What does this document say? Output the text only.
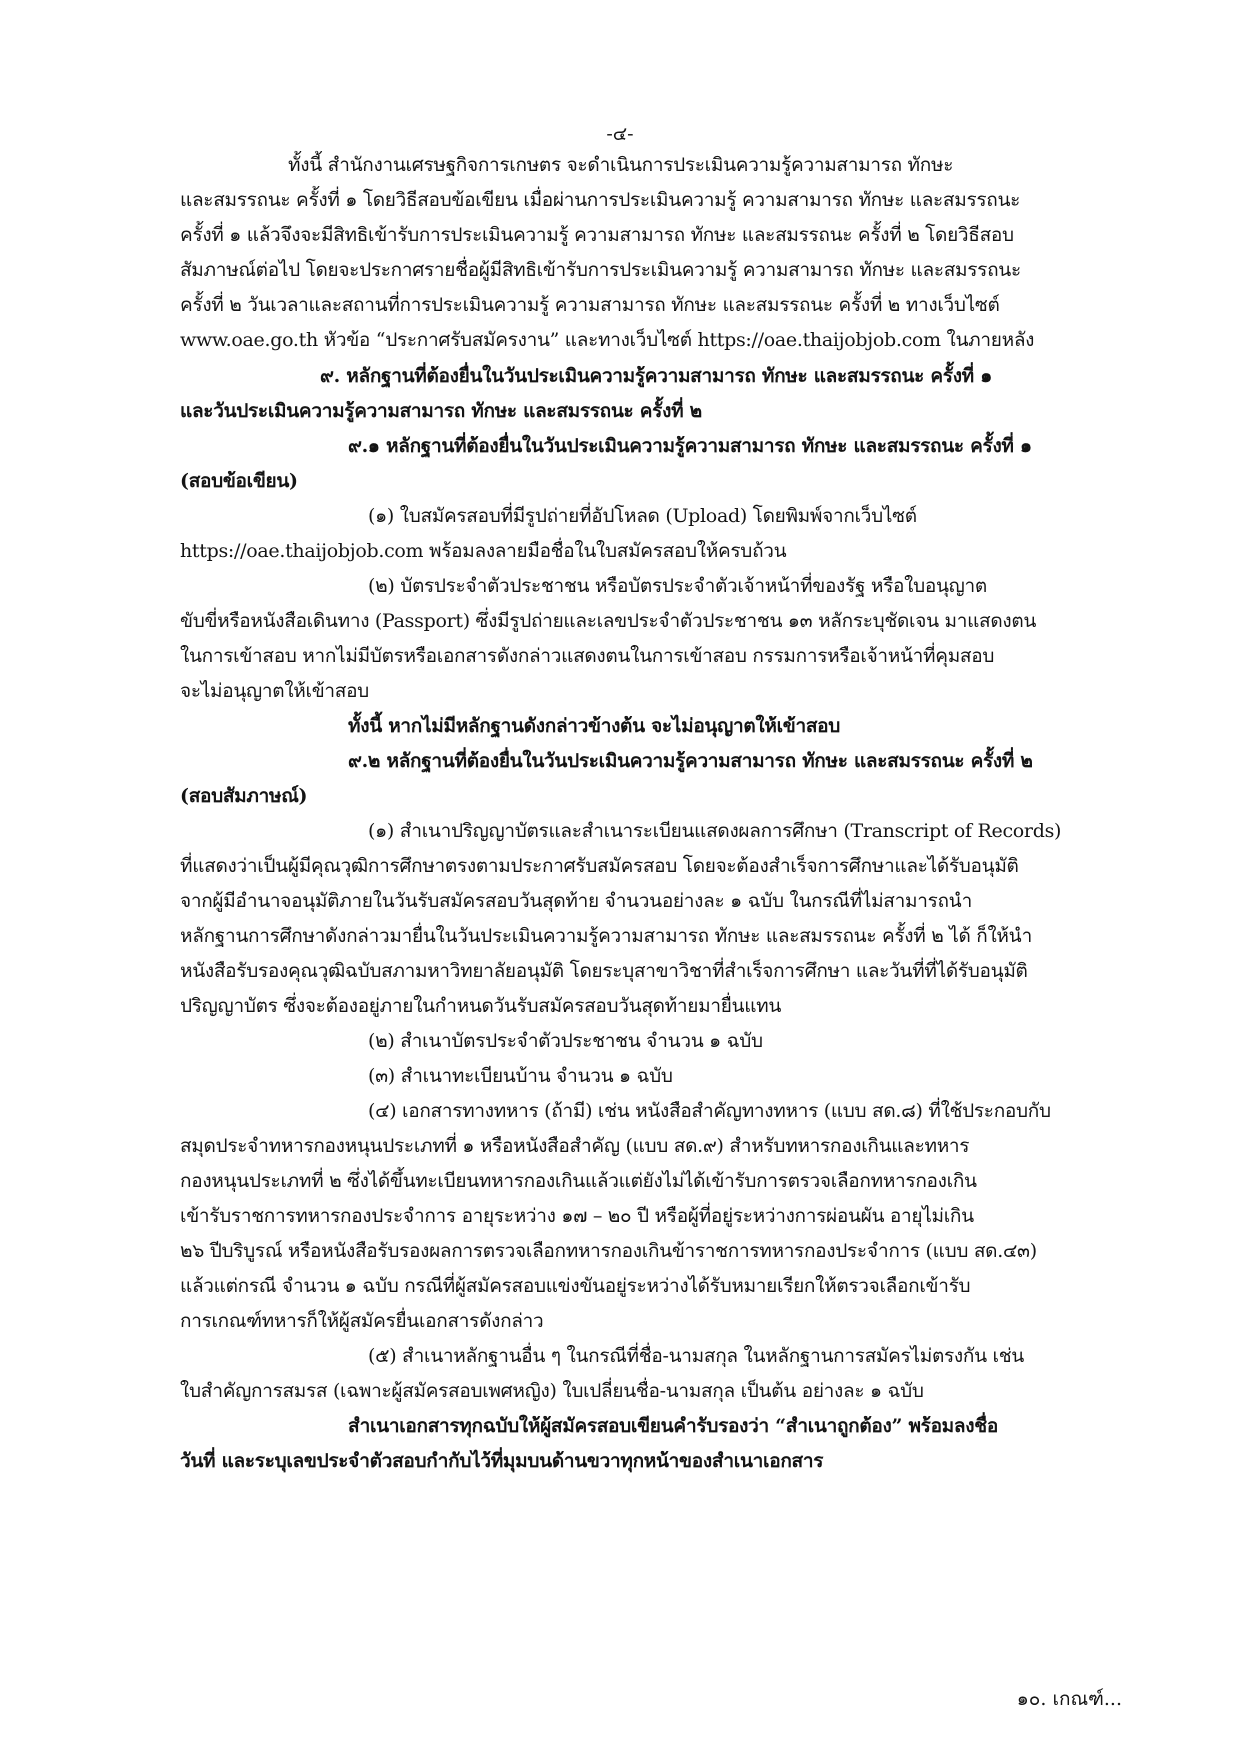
-๔-
ทั้งนี้ สำนักงานเศรษฐกิจการเกษตร จะดำเนินการประเมินความรู้ความสามารถ ทักษะ
และสมรรถนะ ครั้งที่ ๑ โดยวิธีสอบข้อเขียน เมื่อผ่านการประเมินความรู้ ความสามารถ ทักษะ และสมรรถนะ
ครั้งที่ ๑ แล้วจึงจะมีสิทธิเข้ารับการประเมินความรู้ ความสามารถ ทักษะ และสมรรถนะ ครั้งที่ ๒ โดยวิธีสอบ
สัมภาษณ์ต่อไป โดยจะประกาศรายชื่อผู้มีสิทธิเข้ารับการประเมินความรู้ ความสามารถ ทักษะ และสมรรถนะ
ครั้งที่ ๒ วันเวลาและสถานที่การประเมินความรู้ ความสามารถ ทักษะ และสมรรถนะ ครั้งที่ ๒ ทางเว็บไซต์
www.oae.go.th หัวข้อ “ประกาศรับสมัครงาน” และทางเว็บไซต์ https://oae.thaijobjob.com ในภายหลัง
๙. หลักฐานที่ต้องยื่นในวันประเมินความรู้ความสามารถ ทักษะ และสมรรถนะ ครั้งที่ ๑
และวันประเมินความรู้ความสามารถ ทักษะ และสมรรถนะ ครั้งที่ ๒
๙.๑ หลักฐานที่ต้องยื่นในวันประเมินความรู้ความสามารถ ทักษะ และสมรรถนะ ครั้งที่ ๑
(สอบข้อเขียน)
(๑) ใบสมัครสอบที่มีรูปถ่ายที่อัปโหลด (Upload) โดยพิมพ์จากเว็บไซต์
https://oae.thaijobjob.com พร้อมลงลายมือชื่อในใบสมัครสอบให้ครบถ้วน
(๒) บัตรประจำตัวประชาชน หรือบัตรประจำตัวเจ้าหน้าที่ของรัฐ หรือใบอนุญาต
ขับขี่หรือหนังสือเดินทาง (Passport) ซึ่งมีรูปถ่ายและเลขประจำตัวประชาชน ๑๓ หลักระบุชัดเจน มาแสดงตน
ในการเข้าสอบ หากไม่มีบัตรหรือเอกสารดังกล่าวแสดงตนในการเข้าสอบ กรรมการหรือเจ้าหน้าที่คุมสอบ
จะไม่อนุญาตให้เข้าสอบ
ทั้งนี้ หากไม่มีหลักฐานดังกล่าวข้างต้น จะไม่อนุญาตให้เข้าสอบ
๙.๒ หลักฐานที่ต้องยื่นในวันประเมินความรู้ความสามารถ ทักษะ และสมรรถนะ ครั้งที่ ๒
(สอบสัมภาษณ์)
(๑) สำเนาปริญญาบัตรและสำเนาระเบียนแสดงผลการศึกษา (Transcript of Records)
ที่แสดงว่าเป็นผู้มีคุณวุฒิการศึกษาตรงตามประกาศรับสมัครสอบ โดยจะต้องสำเร็จการศึกษาและได้รับอนุมัติ
จากผู้มีอำนาจอนุมัติภายในวันรับสมัครสอบวันสุดท้าย จำนวนอย่างละ ๑ ฉบับ ในกรณีที่ไม่สามารถนำ
หลักฐานการศึกษาดังกล่าวมายื่นในวันประเมินความรู้ความสามารถ ทักษะ และสมรรถนะ ครั้งที่ ๒ ได้ ก็ให้นำ
หนังสือรับรองคุณวุฒิฉบับสภามหาวิทยาลัยอนุมัติ โดยระบุสาขาวิชาที่สำเร็จการศึกษา และวันที่ที่ได้รับอนุมัติ
ปริญญาบัตร ซึ่งจะต้องอยู่ภายในกำหนดวันรับสมัครสอบวันสุดท้ายมายื่นแทน
(๒) สำเนาบัตรประจำตัวประชาชน จำนวน ๑ ฉบับ
(๓) สำเนาทะเบียนบ้าน จำนวน ๑ ฉบับ
(๔) เอกสารทางทหาร (ถ้ามี) เช่น หนังสือสำคัญทางทหาร (แบบ สด.๘) ที่ใช้ประกอบกับ
สมุดประจำทหารกองหนุนประเภทที่ ๑ หรือหนังสือสำคัญ (แบบ สด.๙) สำหรับทหารกองเกินและทหาร
กองหนุนประเภทที่ ๒ ซึ่งได้ขึ้นทะเบียนทหารกองเกินแล้วแต่ยังไม่ได้เข้ารับการตรวจเลือกทหารกองเกิน
เข้ารับราชการทหารกองประจำการ อายุระหว่าง ๑๗ – ๒๐ ปี หรือผู้ที่อยู่ระหว่างการผ่อนผัน อายุไม่เกิน
๒๖ ปีบริบูรณ์ หรือหนังสือรับรองผลการตรวจเลือกทหารกองเกินข้าราชการทหารกองประจำการ (แบบ สด.๔๓)
แล้วแต่กรณี จำนวน ๑ ฉบับ กรณีที่ผู้สมัครสอบแข่งขันอยู่ระหว่างได้รับหมายเรียกให้ตรวจเลือกเข้ารับ
การเกณฑ์ทหารก็ให้ผู้สมัครยื่นเอกสารดังกล่าว
(๕) สำเนาหลักฐานอื่น ๆ ในกรณีที่ชื่อ-นามสกุล ในหลักฐานการสมัครไม่ตรงกัน เช่น
ใบสำคัญการสมรส (เฉพาะผู้สมัครสอบเพศหญิง) ใบเปลี่ยนชื่อ-นามสกุล เป็นต้น อย่างละ ๑ ฉบับ
สำเนาเอกสารทุกฉบับให้ผู้สมัครสอบเขียนคำรับรองว่า “สำเนาถูกต้อง” พร้อมลงชื่อ
วันที่ และระบุเลขประจำตัวสอบกำกับไว้ที่มุมบนด้านขวาทุกหน้าของสำเนาเอกสาร
๑๐. เกณฑ์...
